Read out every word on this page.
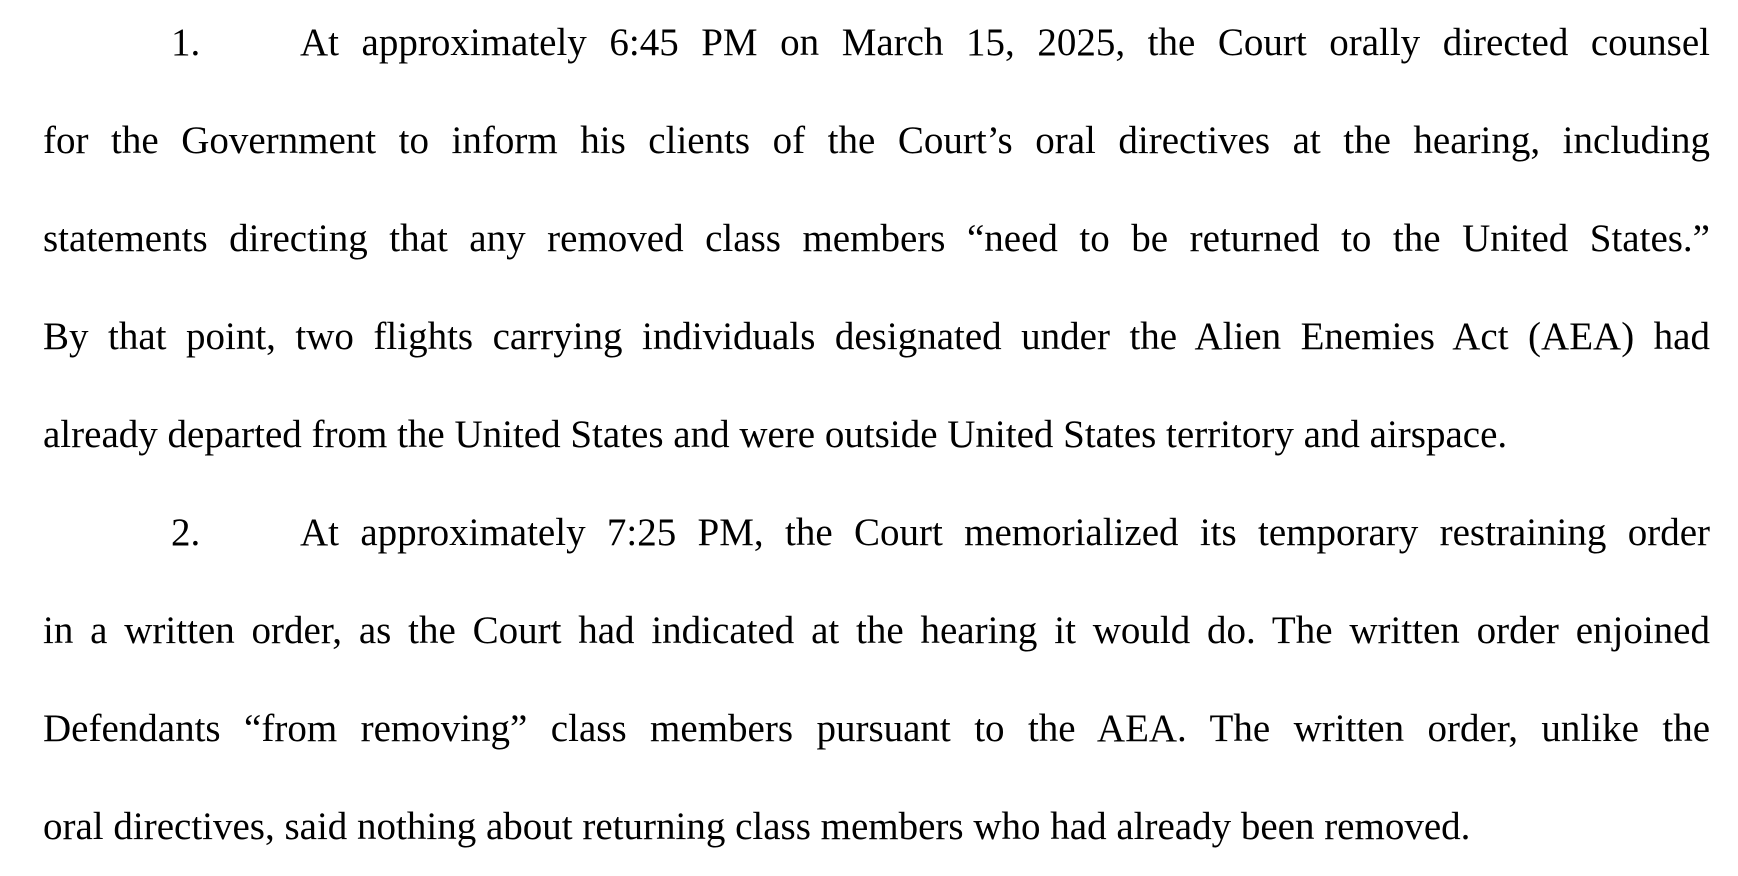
1.	At approximately 6:45 PM on March 15, 2025, the Court orally directed counsel
for the Government to inform his clients of the Court’s oral directives at the hearing, including
statements directing that any removed class members “need to be returned to the United States.”
By that point, two flights carrying individuals designated under the Alien Enemies Act (AEA) had
already departed from the United States and were outside United States territory and airspace.
2.	At approximately 7:25 PM, the Court memorialized its temporary restraining order
in a written order, as the Court had indicated at the hearing it would do. The written order enjoined
Defendants “from removing” class members pursuant to the AEA. The written order, unlike the
oral directives, said nothing about returning class members who had already been removed.
